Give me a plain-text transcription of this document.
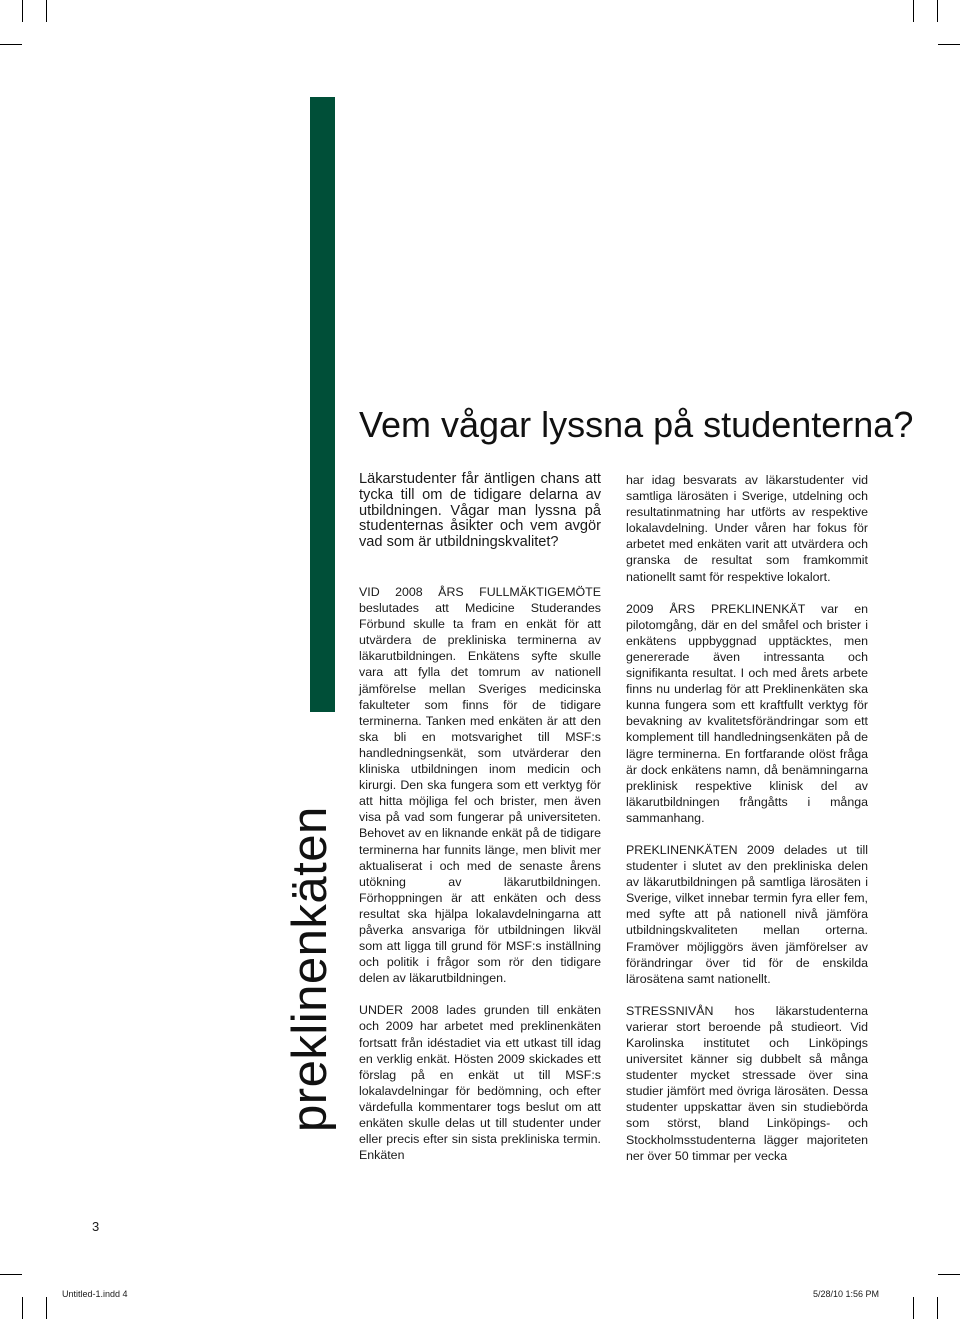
preklinenkäten
Vem vågar lyssna på studenterna?

Läkarstudenter får äntligen chans att tycka till om de tidigare delarna av utbildningen. Vågar man lyssna på studenternas åsikter och vem avgör vad som är utbildningskvalitet?

VID 2008 ÅRS FULLMÄKTIGEMÖTE beslutades att Medicine Studerandes Förbund skulle ta fram en enkät för att utvärdera de prekliniska terminerna av läkarutbildningen. Enkätens syfte skulle vara att fylla det tomrum av nationell jämförelse mellan Sveriges medicinska fakulteter som finns för de tidigare terminerna. Tanken med enkäten är att den ska bli en motsvarighet till MSF:s handledningsenkät, som utvärderar den kliniska utbildningen inom medicin och kirurgi. Den ska fungera som ett verktyg för att hitta möjliga fel och brister, men även visa på vad som fungerar på universiteten. Behovet av en liknande enkät på de tidigare terminerna har funnits länge, men blivit mer aktualiserat i och med de senaste årens utökning av läkarutbildningen. Förhoppningen är att enkäten och dess resultat ska hjälpa lokalavdelningarna att påverka ansvariga för utbildningen likväl som att ligga till grund för MSF:s inställning och politik i frågor som rör den tidigare delen av läkarutbildningen.

UNDER 2008 lades grunden till enkäten och 2009 har arbetet med preklinenkäten fortsatt från idéstadiet via ett utkast till idag en verklig enkät. Hösten 2009 skickades ett förslag på en enkät ut till MSF:s lokalavdelningar för bedömning, och efter värdefulla kommentarer togs beslut om att enkäten skulle delas ut till studenter under eller precis efter sin sista prekliniska termin. Enkäten

har idag besvarats av läkarstudenter vid samtliga lärosäten i Sverige, utdelning och resultatinmatning har utförts av respektive lokalavdelning. Under våren har fokus för arbetet med enkäten varit att utvärdera och granska de resultat som framkommit nationellt samt för respektive lokalort.

2009 ÅRS PREKLINENKÄT var en pilotomgång, där en del småfel och brister i enkätens uppbyggnad upptäcktes, men genererade även intressanta och signifikanta resultat. I och med årets arbete finns nu underlag för att Preklinenkäten ska kunna fungera som ett kraftfullt verktyg för bevakning av kvalitetsförändringar som ett komplement till handledningsenkäten på de lägre terminerna. En fortfarande olöst fråga är dock enkätens namn, då benämningarna preklinisk respektive klinisk del av läkarutbildningen frångåtts i många sammanhang.

PREKLINENKÄTEN 2009 delades ut till studenter i slutet av den prekliniska delen av läkarutbildningen på samtliga lärosäten i Sverige, vilket innebar termin fyra eller fem, med syfte att på nationell nivå jämföra utbildningskvaliteten mellan orterna. Framöver möjliggörs även jämförelser av förändringar över tid för de enskilda lärosätena samt nationellt.

STRESSNIVÅN hos läkarstudenterna varierar stort beroende på studieort. Vid Karolinska institutet och Linköpings universitet känner sig dubbelt så många studenter mycket stressade över sina studier jämfört med övriga lärosäten. Dessa studenter uppskattar även sin studiebörda som störst, bland Linköpings- och Stockholmsstudenterna lägger majoriteten ner över 50 timmar per vecka

3
Untitled-1.indd 4	5/28/10 1:56 PM
